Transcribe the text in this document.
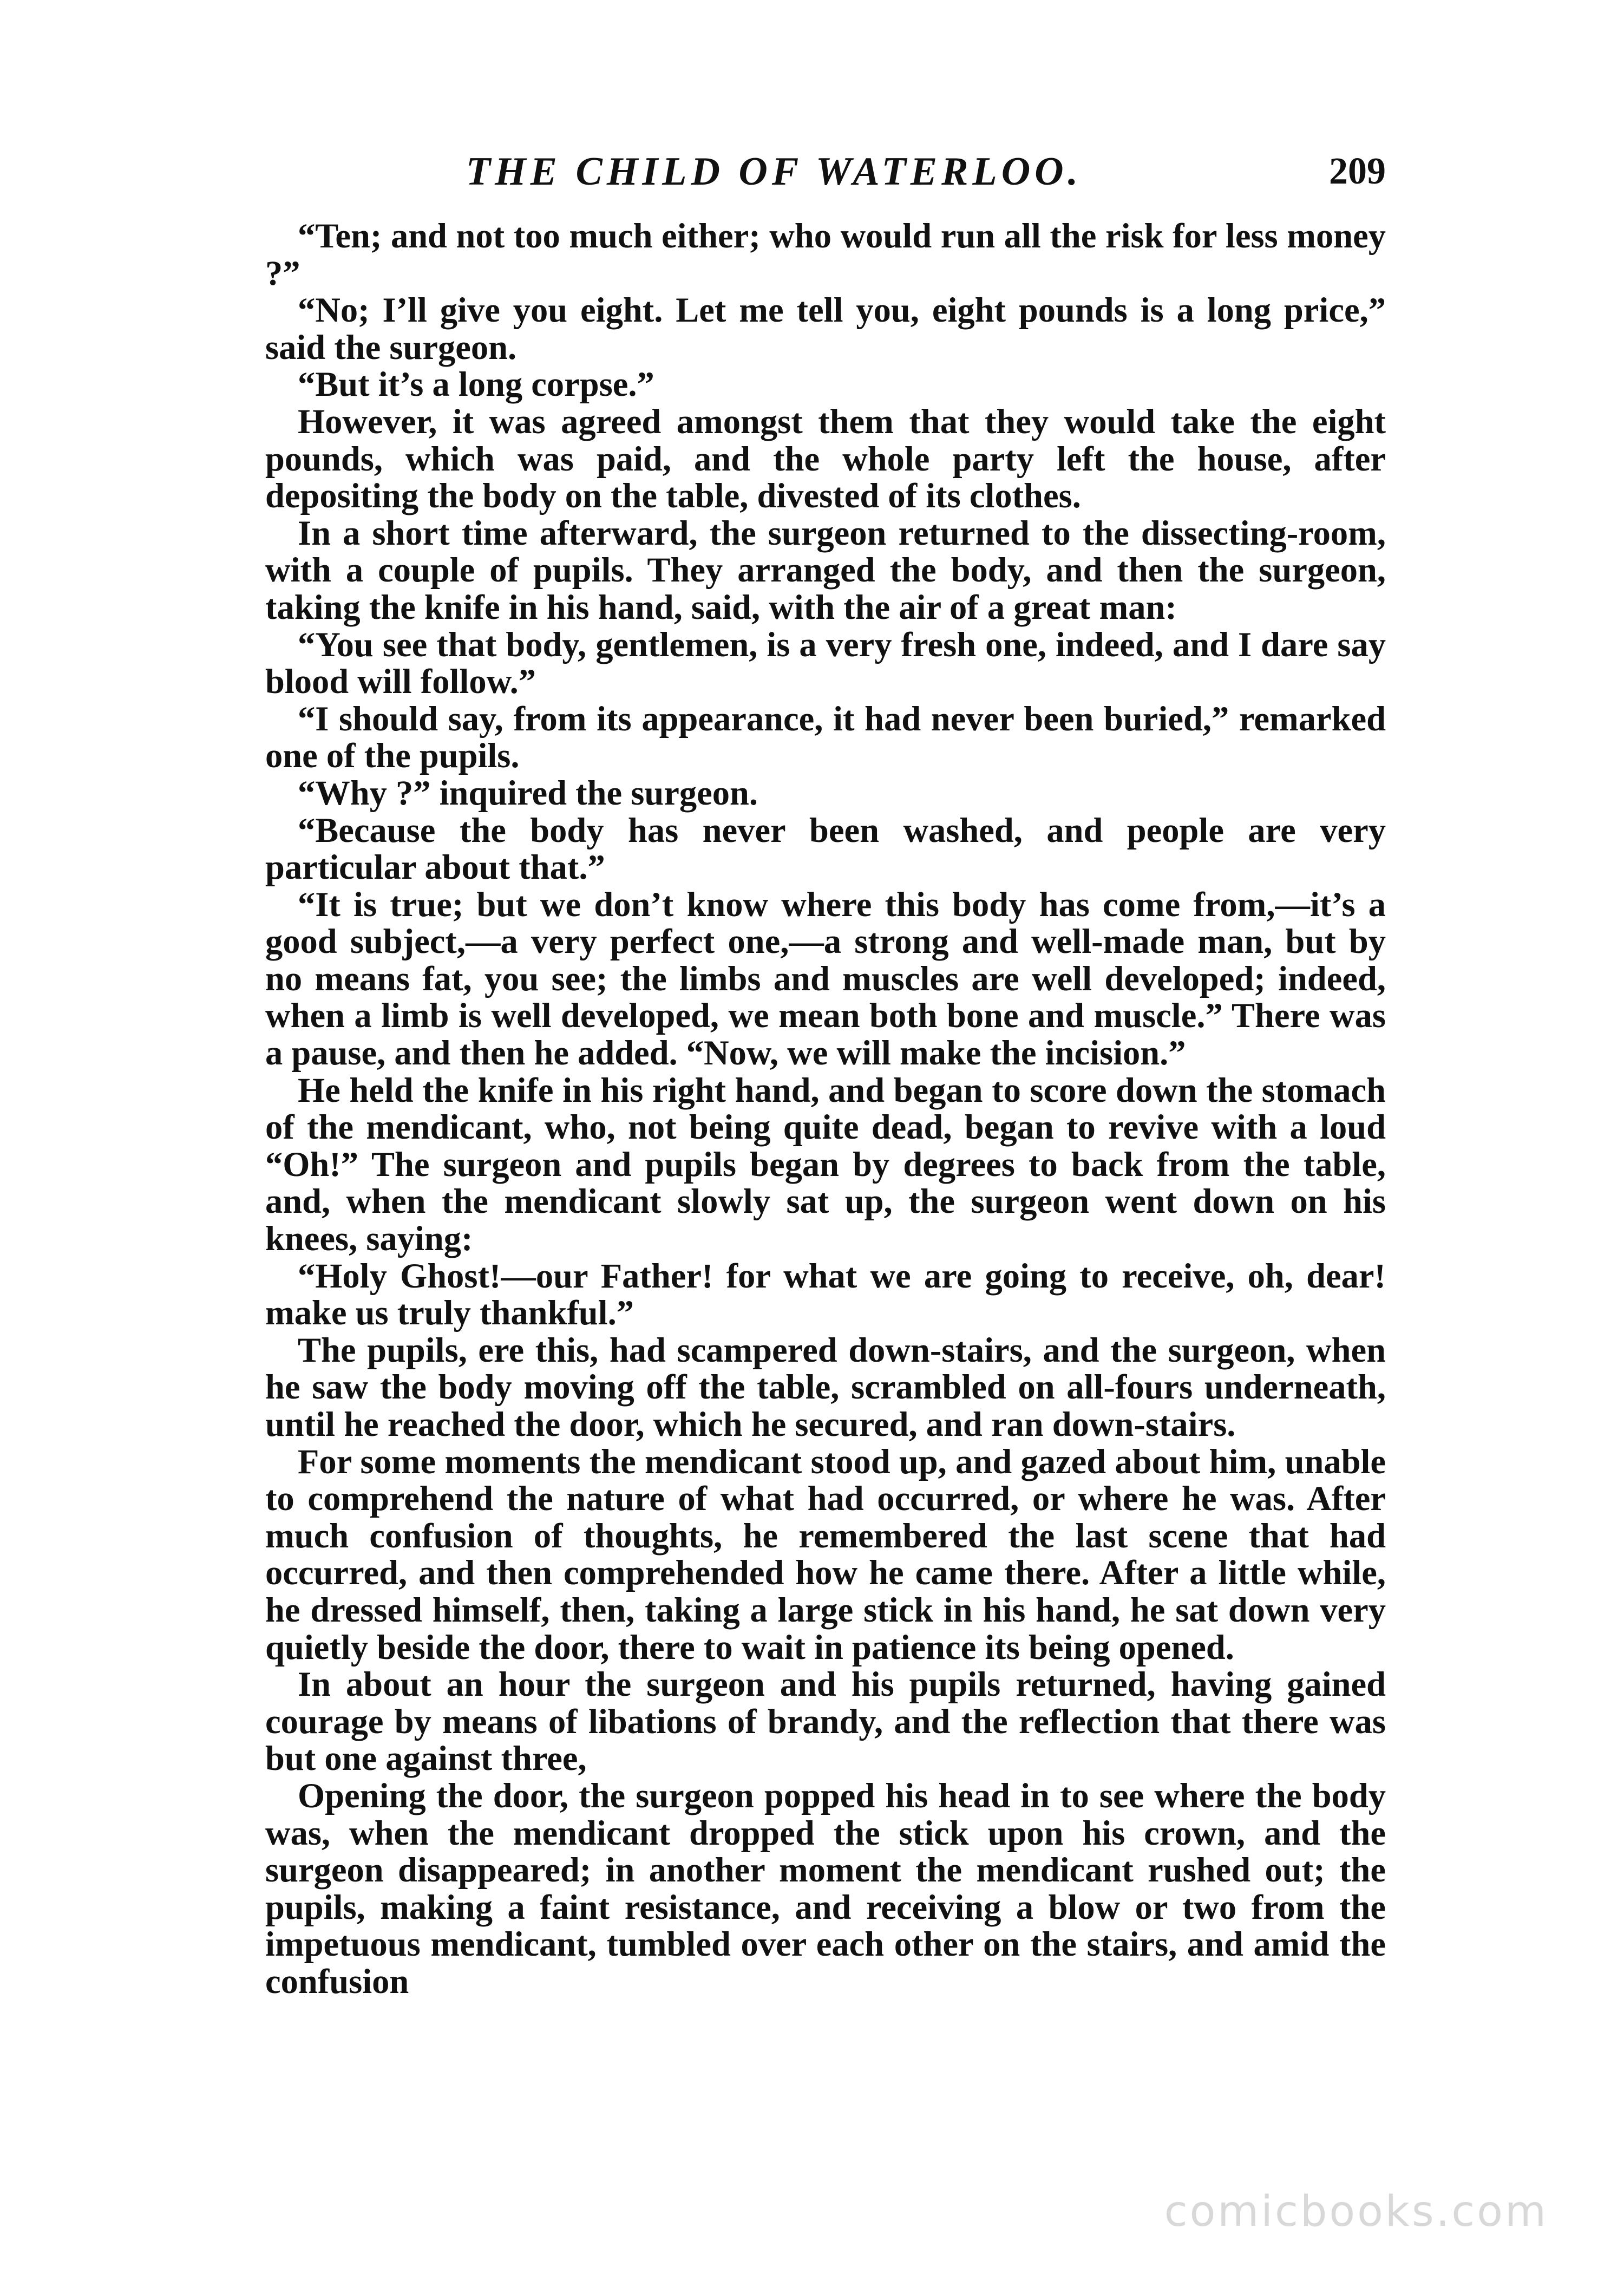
THE CHILD OF WATERLOO.	209

“Ten; and not too much either; who would run all the risk for less money ?”

“No; I’ll give you eight. Let me tell you, eight pounds is a long price,” said the surgeon.

“But it’s a long corpse.”

However, it was agreed amongst them that they would take the eight pounds, which was paid, and the whole party left the house, after depositing the body on the table, divested of its clothes.

In a short time afterward, the surgeon returned to the dissecting-room, with a couple of pupils. They arranged the body, and then the surgeon, taking the knife in his hand, said, with the air of a great man:

“You see that body, gentlemen, is a very fresh one, indeed, and I dare say blood will follow.”

“I should say, from its appearance, it had never been buried,” remarked one of the pupils.

“Why ?” inquired the surgeon.

“Because the body has never been washed, and people are very particular about that.”

“It is true; but we don’t know where this body has come from,—it’s a good subject,—a very perfect one,—a strong and well-made man, but by no means fat, you see; the limbs and muscles are well developed; indeed, when a limb is well developed, we mean both bone and muscle.” There was a pause, and then he added. “Now, we will make the incision.”

He held the knife in his right hand, and began to score down the stomach of the mendicant, who, not being quite dead, began to revive with a loud “Oh!” The surgeon and pupils began by degrees to back from the table, and, when the mendicant slowly sat up, the surgeon went down on his knees, saying:

“Holy Ghost!—our Father! for what we are going to receive, oh, dear! make us truly thankful.”

The pupils, ere this, had scampered down-stairs, and the surgeon, when he saw the body moving off the table, scrambled on all-fours underneath, until he reached the door, which he secured, and ran down-stairs.

For some moments the mendicant stood up, and gazed about him, unable to comprehend the nature of what had occurred, or where he was. After much confusion of thoughts, he remembered the last scene that had occurred, and then comprehended how he came there. After a little while, he dressed himself, then, taking a large stick in his hand, he sat down very quietly beside the door, there to wait in patience its being opened.

In about an hour the surgeon and his pupils returned, having gained courage by means of libations of brandy, and the reflection that there was but one against three,

Opening the door, the surgeon popped his head in to see where the body was, when the mendicant dropped the stick upon his crown, and the surgeon disappeared; in another moment the mendicant rushed out; the pupils, making a faint resistance, and receiving a blow or two from the impetuous mendicant, tumbled over each other on the stairs, and amid the confusion

comicbooks.com
